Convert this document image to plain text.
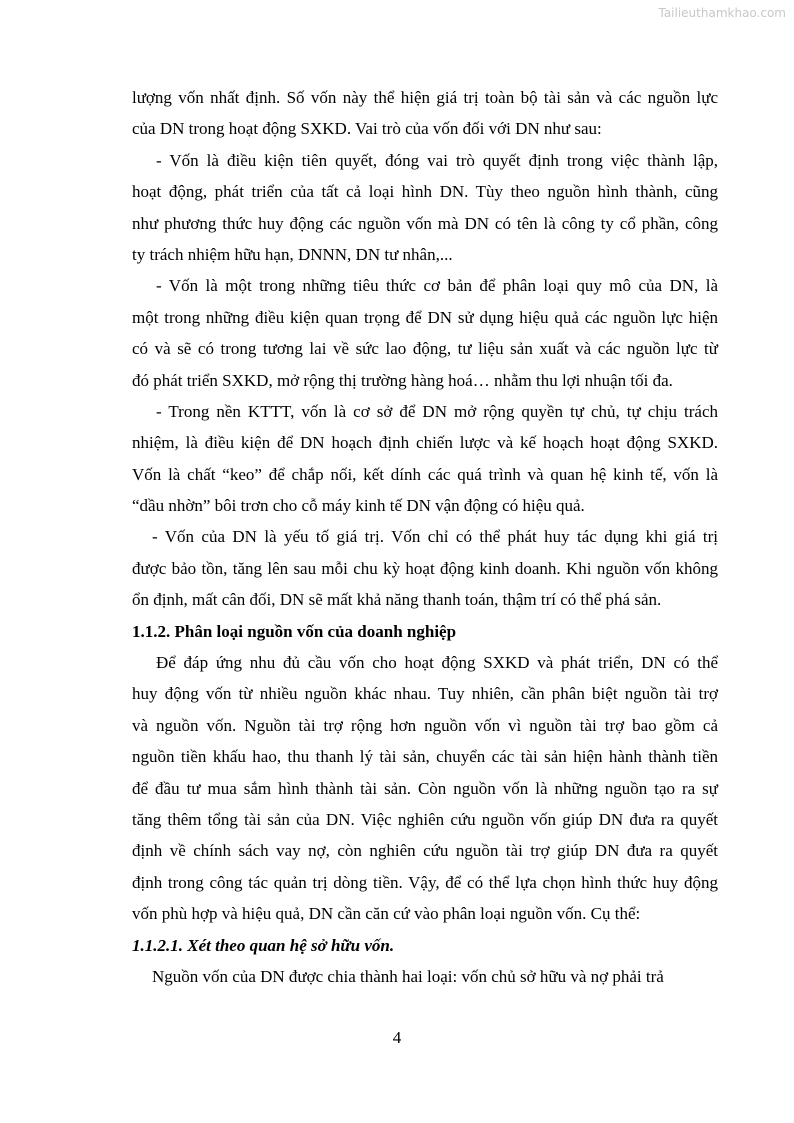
Tailieuthamkhao.com
lượng vốn nhất định. Số vốn này thể hiện giá trị toàn bộ tài sản và các nguồn lực
của DN trong hoạt động SXKD. Vai trò của vốn đối với DN như sau:
- Vốn là điều kiện tiên quyết, đóng vai trò quyết định trong việc thành lập,
hoạt động, phát triển của tất cả loại hình DN. Tùy theo nguồn hình thành, cũng
như phương thức huy động các nguồn vốn mà DN có tên là công ty cổ phần, công
ty trách nhiệm hữu hạn, DNNN, DN tư nhân,...
- Vốn là một trong những tiêu thức cơ bản để phân loại quy mô của DN, là
một trong những điều kiện quan trọng để DN sử dụng hiệu quả các nguồn lực hiện
có và sẽ có trong tương lai về sức lao động, tư liệu sản xuất và các nguồn lực từ
đó phát triển SXKD, mở rộng thị trường hàng hoá… nhằm thu lợi nhuận tối đa.
- Trong nền KTTT, vốn là cơ sở để DN mở rộng quyền tự chủ, tự chịu trách
nhiệm, là điều kiện để DN hoạch định chiến lược và kế hoạch hoạt động SXKD.
Vốn là chất “keo” để chắp nối, kết dính các quá trình và quan hệ kinh tế, vốn là
“dầu nhờn” bôi trơn cho cỗ máy kinh tế DN vận động có hiệu quả.
- Vốn của DN là yếu tố giá trị. Vốn chỉ có thể phát huy tác dụng khi giá trị
được bảo tồn, tăng lên sau mỗi chu kỳ hoạt động kinh doanh. Khi nguồn vốn không
ổn định, mất cân đối, DN sẽ mất khả năng thanh toán, thậm trí có thể phá sản.
1.1.2. Phân loại nguồn vốn của doanh nghiệp
Để đáp ứng nhu đủ cầu vốn cho hoạt động SXKD và phát triển, DN có thể
huy động vốn từ nhiều nguồn khác nhau. Tuy nhiên, cần phân biệt nguồn tài trợ
và nguồn vốn. Nguồn tài trợ rộng hơn nguồn vốn vì nguồn tài trợ bao gồm cả
nguồn tiền khấu hao, thu thanh lý tài sản, chuyển các tài sản hiện hành thành tiền
để đầu tư mua sắm hình thành tài sản. Còn nguồn vốn là những nguồn tạo ra sự
tăng thêm tổng tài sản của DN. Việc nghiên cứu nguồn vốn giúp DN đưa ra quyết
định về chính sách vay nợ, còn nghiên cứu nguồn tài trợ giúp DN đưa ra quyết
định trong công tác quản trị dòng tiền. Vậy, để có thể lựa chọn hình thức huy động
vốn phù hợp và hiệu quả, DN cần căn cứ vào phân loại nguồn vốn. Cụ thể:
1.1.2.1. Xét theo quan hệ sở hữu vốn.
Nguồn vốn của DN được chia thành hai loại: vốn chủ sở hữu và nợ phải trả
4
